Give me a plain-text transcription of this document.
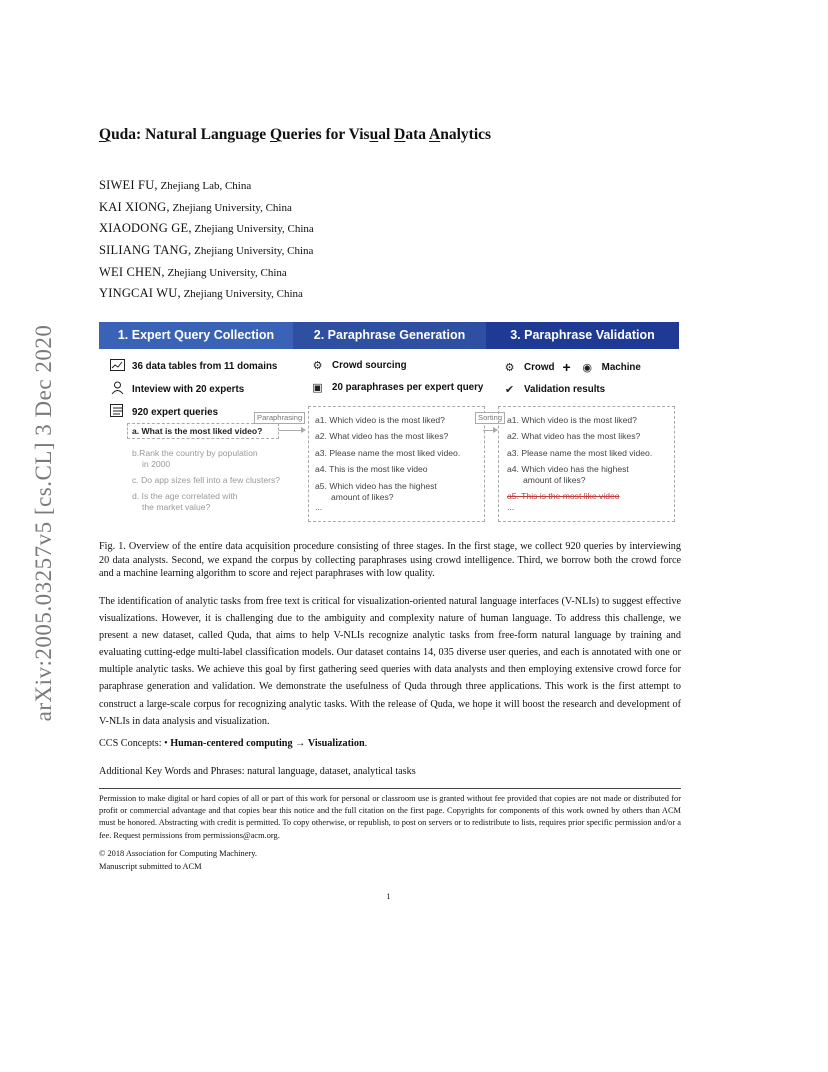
arXiv:2005.03257v5 [cs.CL] 3 Dec 2020
Quda: Natural Language Queries for Visual Data Analytics
SIWEI FU, Zhejiang Lab, China
KAI XIONG, Zhejiang University, China
XIAODONG GE, Zhejiang University, China
SILIANG TANG, Zhejiang University, China
WEI CHEN, Zhejiang University, China
YINGCAI WU, Zhejiang University, China
1. Expert Query Collection	2. Paraphrase Generation	3. Paraphrase Validation
36 data tables from 11 domains
Inteview with 20 experts
920 expert queries
⚙ Crowd sourcing
▣ 20 paraphrases per expert query
⚙ Crowd +	◉ Machine
✔	Validation results
a. What is the most liked video?
b.Rank the country by population
in 2000
c. Do app sizes fell into a few clusters?
d. Is the age correlated with
the market value?
Paraphrasing	a1. Which video is the most liked?
a2. What video has the most likes?
a3. Please name the most liked video.
a4. This is the most like video
a5. Which video has the highest
amount of likes?
...
Sorting a1. Which video is the most liked?
a2. What video has the most likes?
a3. Please name the most liked video.
a4. Which video has the highest
amount of likes?
a5. This is the most like video
...
Fig. 1. Overview of the entire data acquisition procedure consisting of three stages. In the first stage, we collect 920 queries by interviewing 20 data analysts. Second, we expand the corpus by collecting paraphrases using crowd intelligence. Third, we borrow both the crowd force and a machine learning algorithm to score and reject paraphrases with low quality.
The identification of analytic tasks from free text is critical for visualization-oriented natural language interfaces (V-NLIs) to suggest effective visualizations. However, it is challenging due to the ambiguity and complexity nature of human language. To address this challenge, we present a new dataset, called Quda, that aims to help V-NLIs recognize analytic tasks from free-form natural language by training and evaluating cutting-edge multi-label classification models. Our dataset contains 14, 035 diverse user queries, and each is annotated with one or multiple analytic tasks. We achieve this goal by first gathering seed queries with data analysts and then employing extensive crowd force for paraphrase generation and validation. We demonstrate the usefulness of Quda through three applications. This work is the first attempt to construct a large-scale corpus for recognizing analytic tasks. With the release of Quda, we hope it will boost the research and development of V-NLIs in data analysis and visualization.
CCS Concepts: • Human-centered computing → Visualization.
Additional Key Words and Phrases: natural language, dataset, analytical tasks
Permission to make digital or hard copies of all or part of this work for personal or classroom use is granted without fee provided that copies are not made or distributed for profit or commercial advantage and that copies bear this notice and the full citation on the first page. Copyrights for components of this work owned by others than ACM must be honored. Abstracting with credit is permitted. To copy otherwise, or republish, to post on servers or to redistribute to lists, requires prior specific permission and/or a fee. Request permissions from permissions@acm.org.
© 2018 Association for Computing Machinery.
Manuscript submitted to ACM
1
